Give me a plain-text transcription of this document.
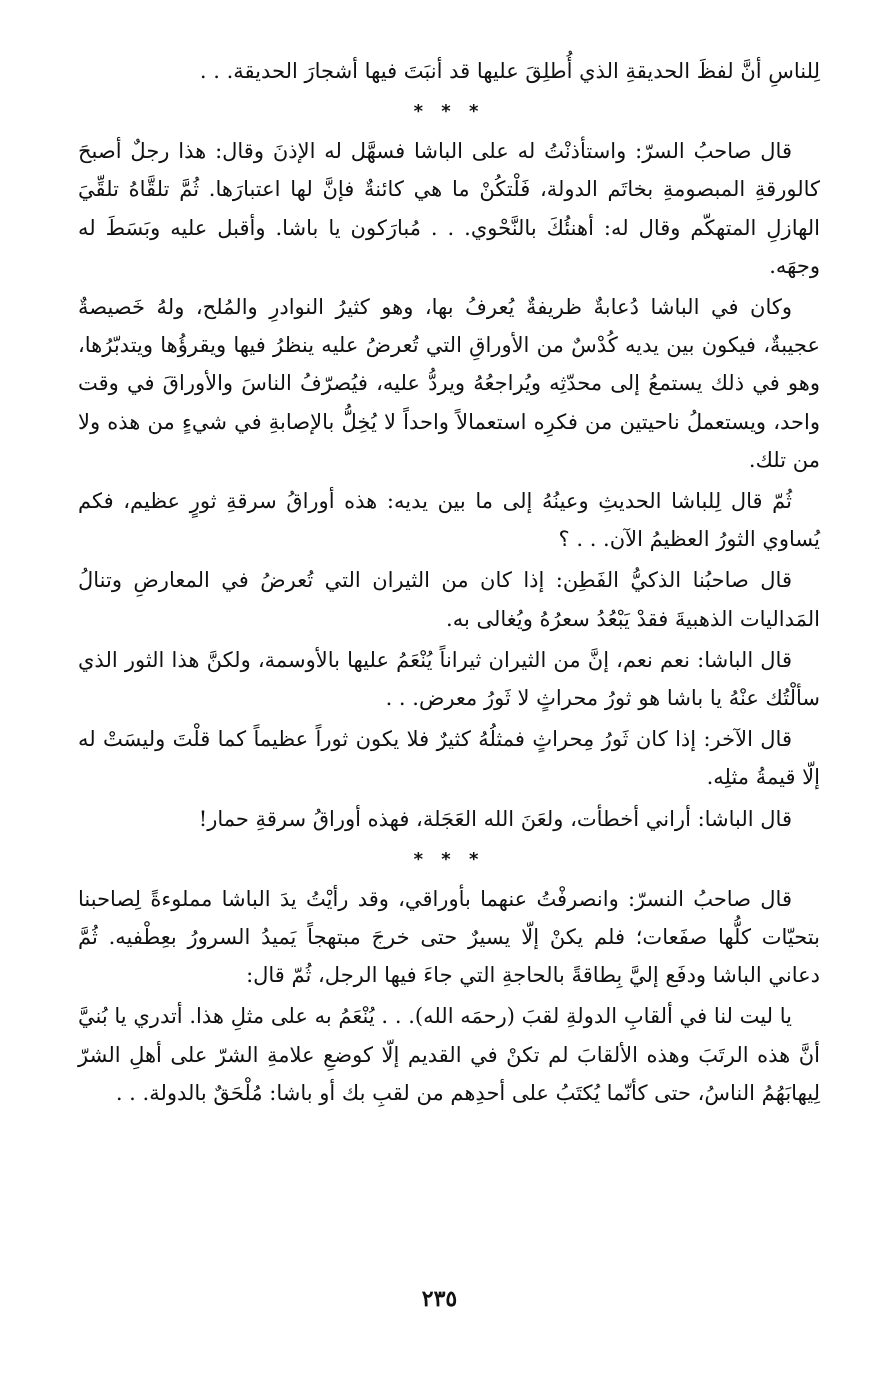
لِلناسِ أنَّ لفظَ الحديقةِ الذي أُطلِقَ عليها قد أنبَتَ فيها أشجارَ الحديقة. . .

* * *

قال صاحبُ السرّ: واستأذنْتُ له على الباشا فسهَّل له الإذنَ وقال: هذا رجلٌ أصبحَ كالورقةِ المبصومةِ بخاتَم الدولة، فَلْتكُنْ ما هي كائنةٌ فإنَّ لها اعتبارَها. ثُمَّ تلقَّاهُ تلقِّيَ الهازلِ المتهكّم وقال له: أهنئُكَ بالنَّحْوي. . . مُبارَكون يا باشا. وأقبل عليه وبَسَطَ له وجهَه.

وكان في الباشا دُعابةٌ ظريفةٌ يُعرفُ بها، وهو كثيرُ النوادرِ والمُلح، ولهُ خَصيصةٌ عجيبةٌ، فيكون بين يديه كُدْسٌ من الأوراقِ التي تُعرضُ عليه ينظرُ فيها ويقرؤُها ويتدبّرُها، وهو في ذلك يستمعُ إلى محدّثِه ويُراجعُهُ ويردُّ عليه، فيُصرّفُ الناسَ والأوراقَ في وقت واحد، ويستعملُ ناحيتين من فكرِه استعمالاً واحداً لا يُخِلُّ بالإصابةِ في شيءٍ من هذه ولا من تلك.

ثُمّ قال لِلباشا الحديثِ وعينُهُ إلى ما بين يديه: هذه أوراقُ سرقةِ ثورٍ عظيم، فكم يُساوي الثورُ العظيمُ الآن. . . ؟

قال صاحبُنا الذكيُّ الفَطِن: إذا كان من الثيران التي تُعرضُ في المعارضِ وتنالُ المَداليات الذهبيةَ فقدْ يَبْعُدُ سعرُهُ ويُغالى به.

قال الباشا: نعم نعم، إنَّ من الثيران ثيراناً يُنْعَمُ عليها بالأوسمة، ولكنَّ هذا الثور الذي سألْتُك عنْهُ يا باشا هو ثورُ محراثٍ لا ثَورُ معرض. . .

قال الآخر: إذا كان ثَورُ مِحراثٍ فمثلُهُ كثيرٌ فلا يكون ثوراً عظيماً كما قلْتَ وليسَتْ له إلّا قيمةُ مثلِه.

قال الباشا: أراني أخطأت، ولعَنَ الله العَجَلة، فهذه أوراقُ سرقةِ حمار!

* * *

قال صاحبُ النسرّ: وانصرفْتُ عنهما بأوراقي، وقد رأيْتُ يدَ الباشا مملوءةً لِصاحبنا بتحيّات كلُّها صفَعات؛ فلم يكنْ إلّا يسيرٌ حتى خرجَ مبتهجاً يَميدُ السرورُ بعِطْفيه. ثُمَّ دعاني الباشا ودفَع إليَّ بِطاقةً بالحاجةِ التي جاءَ فيها الرجل، ثُمّ قال:

يا ليت لنا في ألقابِ الدولةِ لقبَ (رحمَه الله). . . يُنْعَمُ به على مثلِ هذا. أتدري يا بُنيَّ أنَّ هذه الرتَبَ وهذه الألقابَ لم تكنْ في القديم إلّا كوضعِ علامةِ الشرّ على أهلِ الشرّ لِيهابَهُمُ الناسُ، حتى كأنّما يُكتَبُ على أحدِهم من لقبِ بك أو باشا: مُلْحَقٌ بالدولة. . .

٢٣٥
